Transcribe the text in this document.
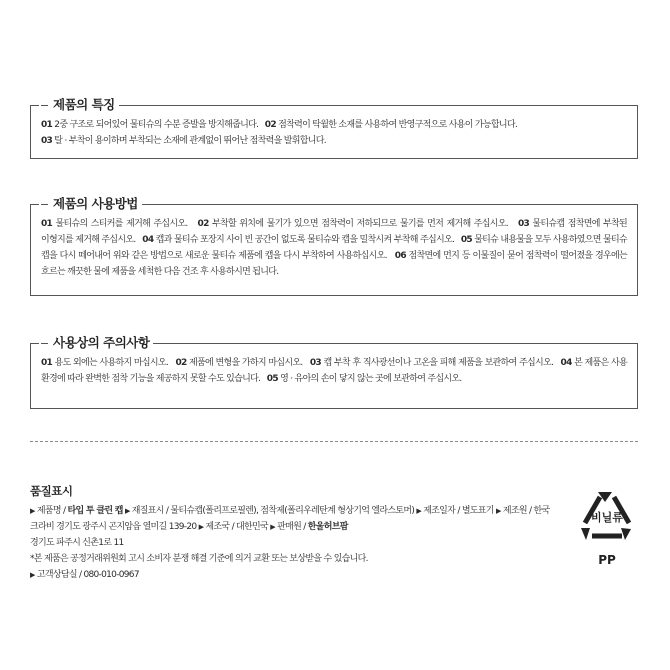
제품의 특징
01 2중 구조로 되어있어 물티슈의 수분 증발을 방지해줍니다. 02 점착력이 탁월한 소재를 사용하여 반영구적으로 사용이 가능합니다.
03 탈 · 부착이 용이하며 부착되는 소재에 관계없이 뛰어난 점착력을 발휘합니다.
제품의 사용방법
01 물티슈의 스티커를 제거해 주십시오. 02 부착할 위치에 물기가 있으면 점착력이 저하되므로 물기를 먼저 제거해 주십시오. 03 물티슈캡 점착면에 부착된 이형지를 제거해 주십시오. 04 캡과 물티슈 포장지 사이 빈 공간이 없도록 물티슈와 캡을 밀착시켜 부착해 주십시오. 05 물티슈 내용물을 모두 사용하였으면 물티슈 캡을 다시 떼어내어 위와 같은 방법으로 새로운 물티슈 제품에 캡을 다시 부착하여 사용하십시오. 06 점착면에 먼지 등 이물질이 묻어 점착력이 떨어졌을 경우에는 흐르는 깨끗한 물에 제품을 세척한 다음 건조 후 사용하시면 됩니다.
사용상의 주의사항
01 용도 외에는 사용하지 마십시오. 02 제품에 변형을 가하지 마십시오. 03 캡 부착 후 직사광선이나 고온을 피해 제품을 보관하여 주십시오. 04 본 제품은 사용 환경에 따라 완벽한 점착 기능을 제공하지 못할 수도 있습니다. 05 영 · 유아의 손이 닿지 않는 곳에 보관하여 주십시오.
품질표시

▶ 제품명 / 타입 투 클린 캡 ▶ 재질표시 / 물티슈캡(폴리프로필렌), 점착제(폴리우레탄계 형상기억 엘라스토머) ▶ 제조일자 / 별도표기 ▶ 제조원 / 한국크라비 경기도 광주시 곤지암읍 열미길 139-20 ▶ 제조국 / 대한민국 ▶ 판매원 / 한울허브팜
경기도 파주시 신촌1로 11

*본 제품은 공정거래위원회 고시 소비자 분쟁 해결 기준에 의거 교환 또는 보상받을 수 있습니다.

▶ 고객상담실 / 080-010-0967

비닐류
PP
